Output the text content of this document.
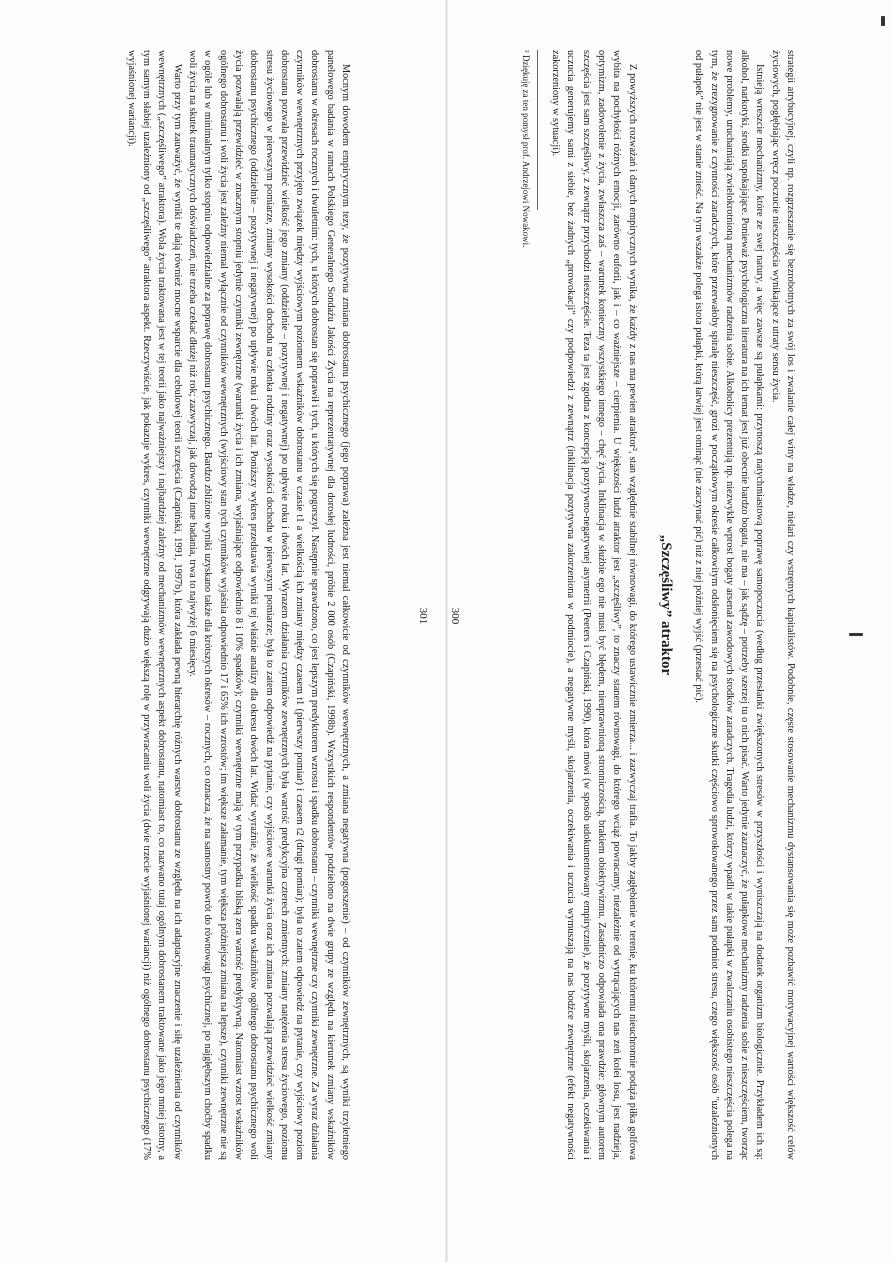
strategii atrybucyjnej, czyli np. rozgrzeszanie się bezrobotnych za swój los i zwalanie całej winy na władze, nielari czy wstrętnych kapitalistów. Podobnie, częste stosowanie mechanizmu dystansowania się może pozbawić motywacyjnej wartości większość celów życiowych, pogłębiając wręcz poczucie nieszczęścia wynikające z utraty sensu życia.

Istnieją wreszcie mechanizmy, które ze swej natury, a więc zawsze są pułapkami: przynoszą natychmiastową poprawę samopoczucia (według przesłanki zwiększonych stresów w przyszłości i wyniszczają na dodatek organizm biologicznie. Przykładem ich są: alkohol, narkotyki, środki uspokajające. Ponieważ psychologiczna literatura na ich temat jest już obecnie bardzo bogata, nie ma – jak sądzę – potrzeby szerzej tu o nich pisać. Warto jedynie zaznaczyć, że pułapkowe mechanizmy radzenia sobie z nieszczęściem, tworząc nowe problemy, uruchamiają zwielokrotnioną mechanizmów radzenia sobie. Alkoholicy prezentują np. niezwykle wprost bogaty arsenał zawodowych środków zaradczych. Tragedia ludzi, którzy wpadli w takie pułapki w zwalczaniu osobistego nieszczęścia polega na tym, że zrezygnowanie z czynności zaradczych, które przerwałoby spiralę nieszczęść, grozi w początkowym okresie całkowitym odsłonięciem się na psychologiczne skutki częściowo sprowokowanego przez sam podmiot stresu, czego większość osób "uzależnionych od pułapek" nie jest w stanie znieść. Na tym wszakże polega istota pułapki, którą łatwiej jest ominąć (nie zaczynać pić) niż z niej później wyjść (przestać pić).

„Szczęśliwy” atraktor

Z powyższych rozważań i danych empirycznych wynika, że każdy z nas ma pewien atraktor², stan względnie stabilnej równowagi, do którego ustawicznie zmierza... i zazwyczaj trafia. To jakby zagłębienie w terenie, ku któremu nieuchronnie podąża piłka golfowa wybita na pochyłości różnych emocji, zarówno euforii, jak i – co ważniejsze – cierpienia. U większości ludzi atraktor jest „szczęśliwy”, to znaczy stanem równowagi, do którego wciąż powracamy, niezależnie od wytrącających nas zeń kolei losu, jest nadzieja, optymizm, zadowolenie z życia, zwłaszcza zaś – warunek konieczny wszystkiego innego – chęć życia. Inklinacja w służbie ego nie musi być błędem, nieuprawnioną stronniczością, brakiem obiektywizmu. Zasadniczo odpowiada ona prawdzie: głównym autorem szczęścia jest sam szczęśliwy, z zewnątrz przychodzi nieszczęście. Teza ta jest zgodna z koncepcją pozytywno-negatywnej asymetrii (Peeters i Czapiński, 1990), która mówi (w sposób udokumentowany empirycznie), że pozytywne myśli, skojarzenia, oczekiwania i uczucia generujemy sami z siebie, bez żadnych „prowokacji” czy podpowiedzi z zewnątrz (inklinacja pozytywna zakorzeniona w podmiocie), a negatywne myśli, skojarzenia, oczekiwania i uczucia wymuszają na nas bodźce zewnętrzne (efekt negatywności zakorzeniony w sytuacji).

² Dziękuję za ten pomysł prof. Andrzejowi Nowakowi.
300

Mocnym dowodem empirycznym tezy, że pozytywna zmiana dobrostanu psychicznego (jego poprawa) zależna jest niemal całkowicie od czynników wewnętrznych, a zmiana negatywna (pogorszenie) – od czynników zewnętrznych, są wyniki trzyletniego panelowego badania w ramach Polskiego Generalnego Sondażu Jakości Życia na reprezentatywnej dla dorosłej ludności, próbie 2 000 osób (Czapiński, 1998b). Wszystkich respondentów podzielono na dwie grupy ze względu na kierunek zmiany wskaźników dobrostanu w okresach rocznych i dwuletnim: tych, u których dobrostan się poprawił i tych, u których się pogorszył. Następnie sprawdzono, co jest lepszym predyktorem wzrostu i spadku dobrostanu – czynniki wewnętrzne czy czynniki zewnętrzne. Za wyraz działania czynników wewnętrznych przyjęto związek między wyjściowym poziomem wskaźników dobrostanu w czasie t1 a wielkością ich zmiany między czasem t1 (pierwszy pomiar) i czasem t2 (drugi pomiar); była to zatem odpowiedź na pytanie, czy wyjściowy poziom dobrostanu pozwala przewidzieć wielkość jego zmiany (oddzielnie – pozytywnej i negatywnej) po upływie roku i dwóch lat. Wyrazem działania czynników zewnętrznych była wartość predykcyjna czterech zmiennych: zmiany natężenia stresu życiowego, poziomu stresu życiowego w pierwszym pomiarze, zmiany wysokości dochodu na członka rodziny oraz wysokości dochodu w pierwszym pomiarze; była to zatem odpowiedź na pytanie, czy wyjściowe warunki życia oraz ich zmiana pozwalają przewidzieć wielkość zmiany dobrostanu psychicznego (oddzielnie – pozytywnej i negatywnej) po upływie roku i dwóch lat. Poniższy wykres przedstawia wyniki tej właśnie analizy dla okresu dwóch lat. Widać wyraźnie, że wielkość spadku wskaźników ogólnego dobrostanu psychicznego woli życia pozwalają przewidzieć w znacznym stopniu jedynie czynniki zewnętrzne (warunki życia i ich zmiana, wyjaśniające odpowiednio 8 i 10% spadków); czynniki wewnętrzne mają w tym przypadku bliską zera wartość predyktywną. Natomiast wzrost wskaźników ogólnego dobrostanu i woli życia jest zależny niemal wyłącznie od czynników wewnętrznych (wyjściowy stan tych czynników wyjaśnia odpowiednio 17 i 65% ich wzrostów; im większe załamanie, tym większa późniejsza zmiana na lepsze), czynniki zewnętrzne nie są w ogóle lub w minimalnym tylko stopniu odpowiedzialne za poprawę dobrostanu psychicznego. Bardzo zbliżone wyniki uzyskano także dla krótszych okresów – rocznych, co oznacza, że na samostny powrót do równowagi psychicznej, po najgłębszym choćby spadku woli życia na skutek traumatycznych doświadczeń, nie trzeba czekać dłużej niż rok; zazwyczaj, jak dowodzą inne badania, trwa to najwyżej 6 miesięcy.

Warto przy tym zauważyć, że wyniki te dają również mocne wsparcie dla cebulowej teorii szczęścia (Czapiński, 1991, 1997b), która zakłada pewną hierarchię różnych warstw dobrostanu ze względu na ich adaptacyjne znaczenie i siłę uzależnienia od czynników wewnętrznych („szczęśliwego” atraktora). Wola życia traktowana jest w tej teorii jako najważniejszy i najbardziej zależny od mechanizmów wewnętrznych aspekt dobrostanu, natomiast to, co nazwano tutaj ogólnym dobrostanem traktowane jako jego mniej istotny, a tym samym słabiej uzależniony od „szczęśliwego” atraktora aspekt. Rzeczywiście, jak pokazuje wykres, czynniki wewnętrzne odgrywają dużo większą rolę w przywracaniu woli życia (dwie trzecie wyjaśnionej wariancji) niż ogólnego dobrostanu psychicznego (17% wyjaśnionej wariancji).

301
